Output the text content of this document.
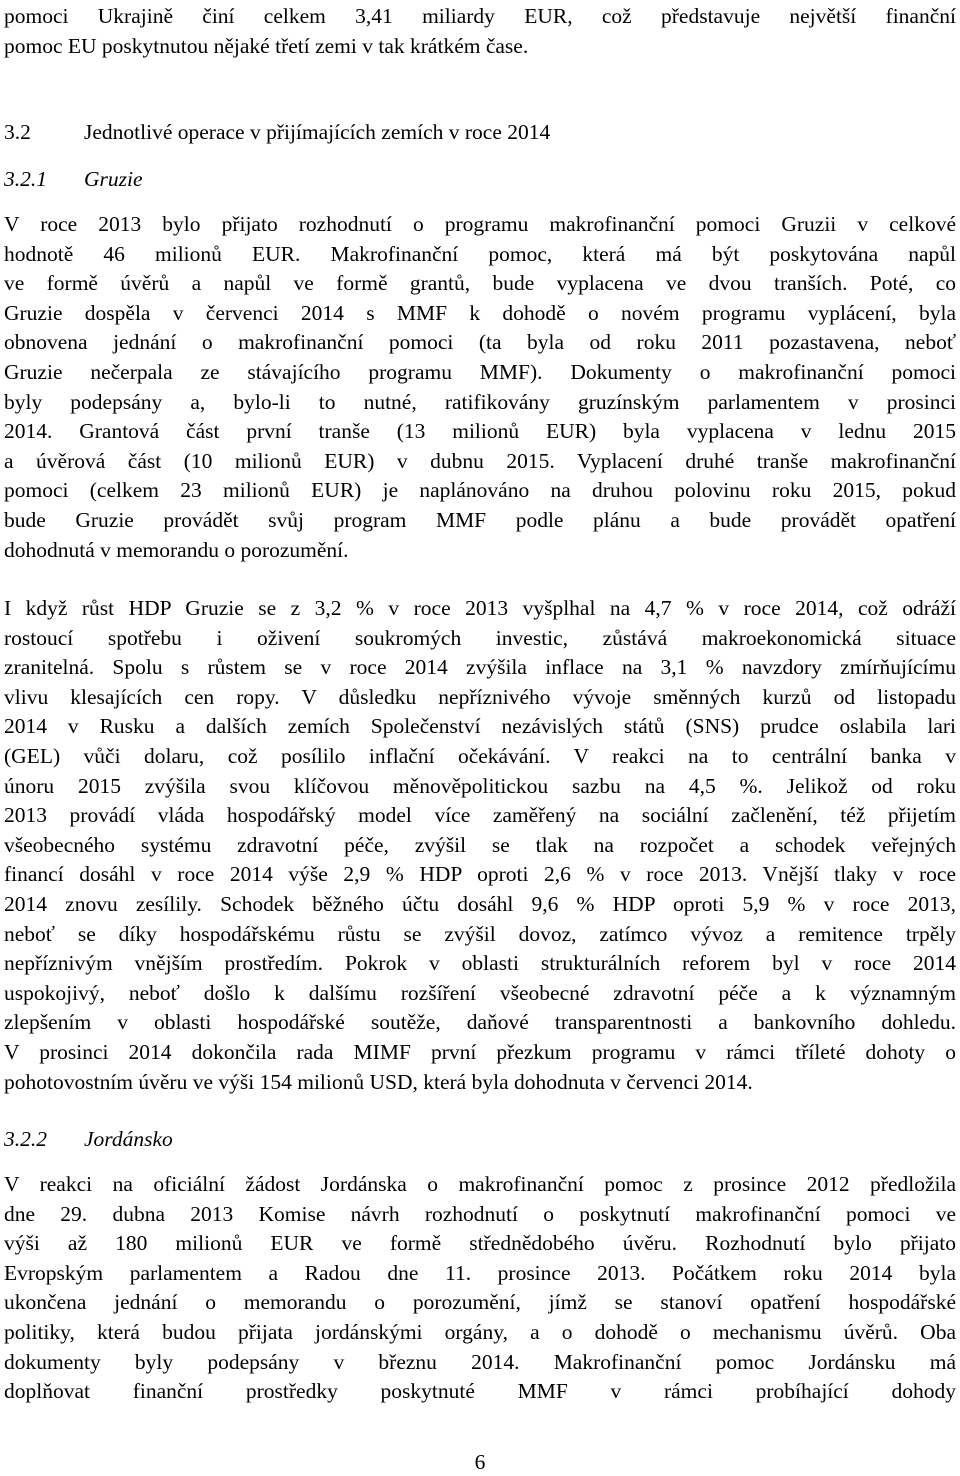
pomoci Ukrajině činí celkem 3,41 miliardy EUR, což představuje největší finanční
pomoc EU poskytnutou nějaké třetí zemi v tak krátkém čase.
3.2 Jednotlivé operace v přijímajících zemích v roce 2014
3.2.1 Gruzie
V roce 2013 bylo přijato rozhodnutí o programu makrofinanční pomoci Gruzii v celkové
hodnotě 46 milionů EUR. Makrofinanční pomoc, která má být poskytována napůl
ve formě úvěrů a napůl ve formě grantů, bude vyplacena ve dvou tranších. Poté, co
Gruzie dospěla v červenci 2014 s MMF k dohodě o novém programu vyplácení, byla
obnovena jednání o makrofinanční pomoci (ta byla od roku 2011 pozastavena, neboť
Gruzie nečerpala ze stávajícího programu MMF). Dokumenty o makrofinanční pomoci
byly podepsány a, bylo-li to nutné, ratifikovány gruzínským parlamentem v prosinci
2014. Grantová část první tranše (13 milionů EUR) byla vyplacena v lednu 2015
a úvěrová část (10 milionů EUR) v dubnu 2015. Vyplacení druhé tranše makrofinanční
pomoci (celkem 23 milionů EUR) je naplánováno na druhou polovinu roku 2015, pokud
bude Gruzie provádět svůj program MMF podle plánu a bude provádět opatření
dohodnutá v memorandu o porozumění.
I když růst HDP Gruzie se z 3,2 % v roce 2013 vyšplhal na 4,7 % v roce 2014, což odráží
rostoucí spotřebu i oživení soukromých investic, zůstává makroekonomická situace
zranitelná. Spolu s růstem se v roce 2014 zvýšila inflace na 3,1 % navzdory zmírňujícímu
vlivu klesajících cen ropy. V důsledku nepříznivého vývoje směnných kurzů od listopadu
2014 v Rusku a dalších zemích Společenství nezávislých států (SNS) prudce oslabila lari
(GEL) vůči dolaru, což posílilo inflační očekávání. V reakci na to centrální banka v
únoru 2015 zvýšila svou klíčovou měnověpolitickou sazbu na 4,5 %. Jelikož od roku
2013 provádí vláda hospodářský model více zaměřený na sociální začlenění, též přijetím
všeobecného systému zdravotní péče, zvýšil se tlak na rozpočet a schodek veřejných
financí dosáhl v roce 2014 výše 2,9 % HDP oproti 2,6 % v roce 2013. Vnější tlaky v roce
2014 znovu zesílily. Schodek běžného účtu dosáhl 9,6 % HDP oproti 5,9 % v roce 2013,
neboť se díky hospodářskému růstu se zvýšil dovoz, zatímco vývoz a remitence trpěly
nepříznivým vnějším prostředím. Pokrok v oblasti strukturálních reforem byl v roce 2014
uspokojivý, neboť došlo k dalšímu rozšíření všeobecné zdravotní péče a k významným
zlepšením v oblasti hospodářské soutěže, daňové transparentnosti a bankovního dohledu.
V prosinci 2014 dokončila rada MIMF první přezkum programu v rámci tříleté dohoty o
pohotovostním úvěru ve výši 154 milionů USD, která byla dohodnuta v červenci 2014.
3.2.2 Jordánsko
V reakci na oficiální žádost Jordánska o makrofinanční pomoc z prosince 2012 předložila
dne 29. dubna 2013 Komise návrh rozhodnutí o poskytnutí makrofinanční pomoci ve
výši až 180 milionů EUR ve formě střednědobého úvěru. Rozhodnutí bylo přijato
Evropským parlamentem a Radou dne 11. prosince 2013. Počátkem roku 2014 byla
ukončena jednání o memorandu o porozumění, jímž se stanoví opatření hospodářské
politiky, která budou přijata jordánskými orgány, a o dohodě o mechanismu úvěrů. Oba
dokumenty byly podepsány v březnu 2014. Makrofinanční pomoc Jordánsku má
doplňovat finanční prostředky poskytnuté MMF v rámci probíhající dohody
6
